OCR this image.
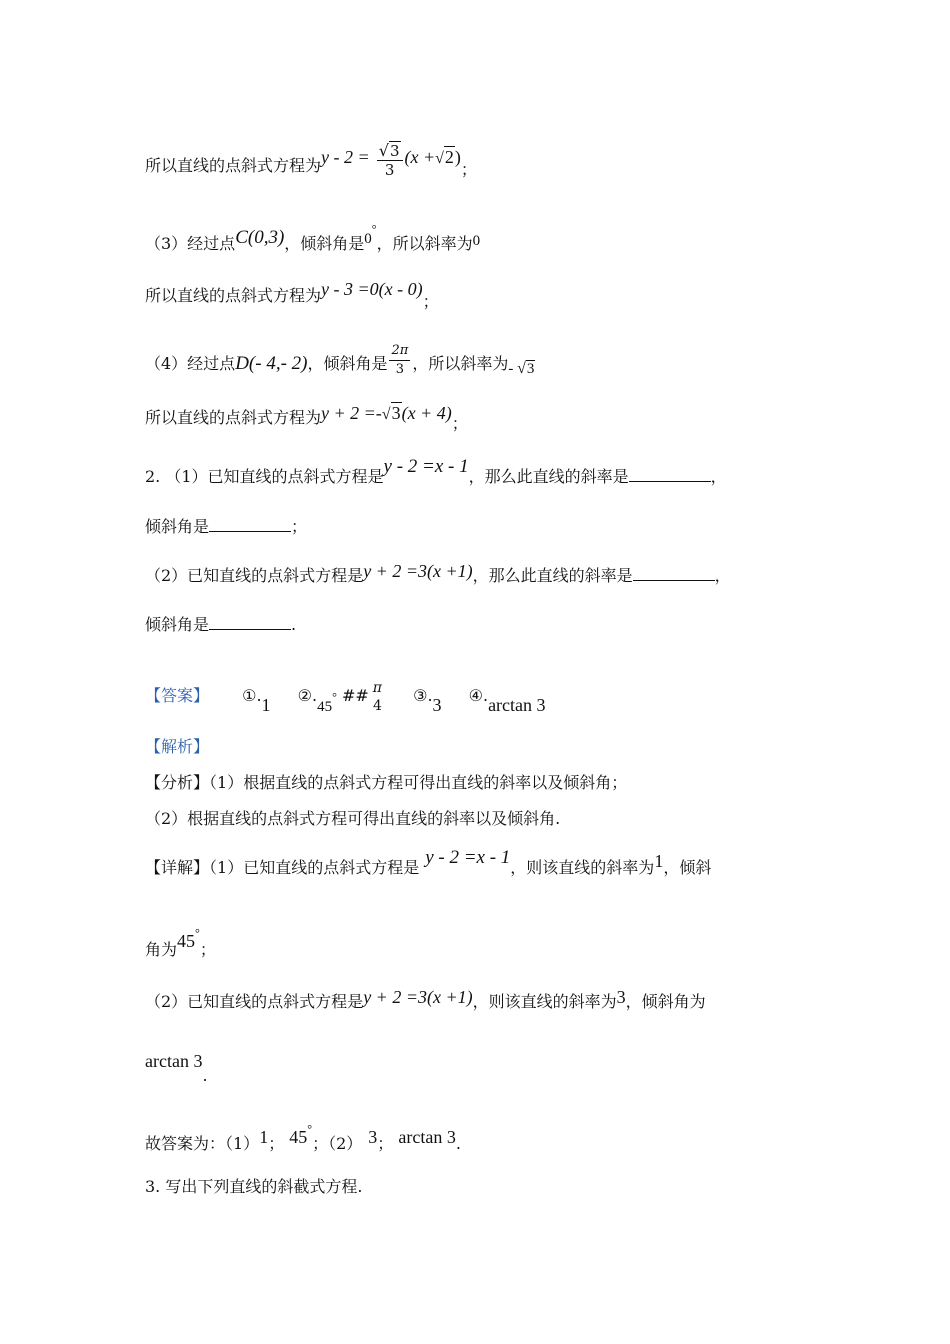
所以直线的点斜式方程为$y - 2 = \frac{√3}{3} (x +√2)$；
（3）经过点C(0,3)，倾斜角是0°，所以斜率为0
所以直线的点斜式方程为y - 3 =0(x - 0)；
（4）经过点D(- 4,- 2)，倾斜角是 $\frac{2\pi}{3}$ ，所以斜率为- √3
所以直线的点斜式方程为y + 2 =-√3(x + 4)；
2. （1）已知直线的点斜式方程是y - 2 =x - 1，那么此直线的斜率是	，
倾斜角是	；
（2）已知直线的点斜式方程是y + 2 =3(x +1)，那么此直线的斜率是	，
倾斜角是	.
【答案】 ①.1 ②.45° ## π
4
③.3 ④.arctan 3
【解析】
【分析】（1）根据直线的点斜式方程可得出直线的斜率以及倾斜角；
（2）根据直线的点斜式方程可得出直线的斜率以及倾斜角.
【详解】（1）已知直线的点斜式方程是 y - 2 =x - 1，则该直线的斜率为1，倾斜
角为45°；
（2）已知直线的点斜式方程是y + 2 =3(x +1)，则该直线的斜率为3，倾斜角为
arctan 3.
故答案为：（1）1； 45°；（2） 3； arctan 3.
3. 写出下列直线的斜截式方程.
